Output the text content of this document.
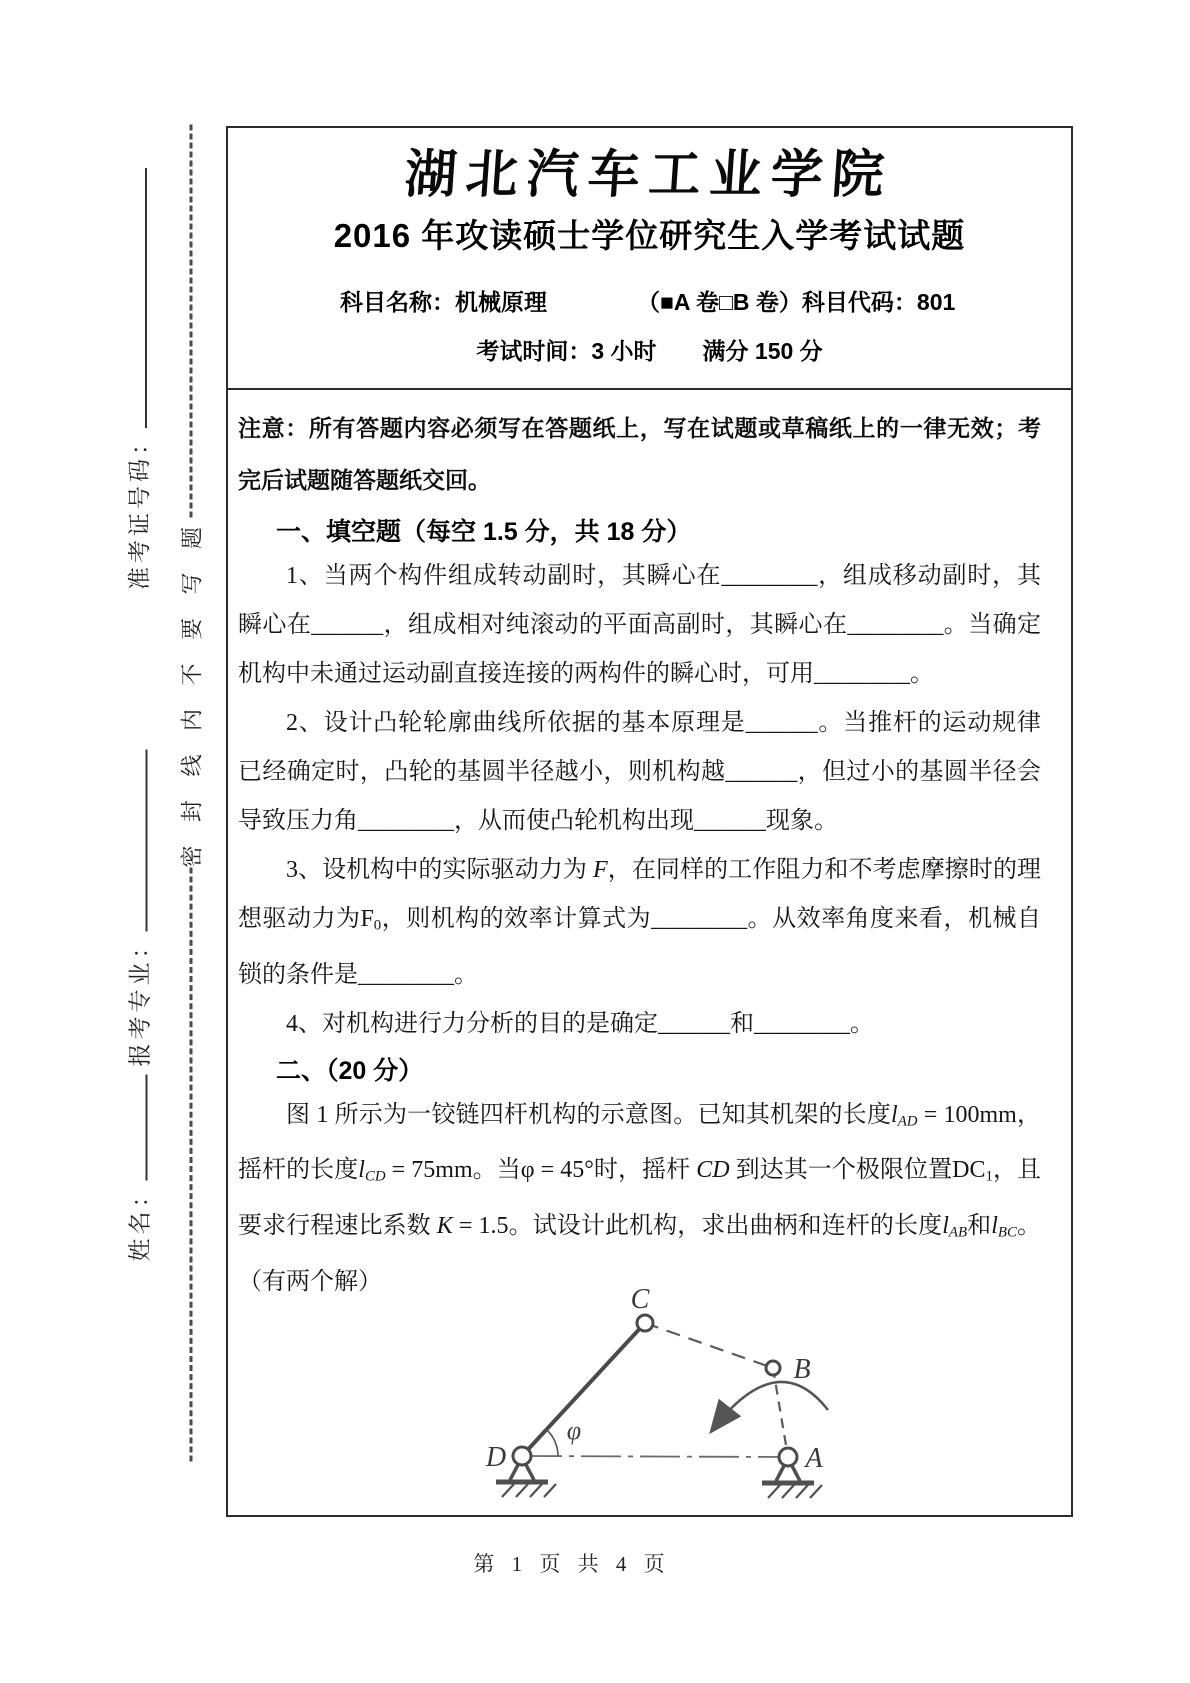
准考证号码：
报考专业：
姓名：
密 封 线 内 不 要 写 题
湖北汽车工业学院
2016 年攻读硕士学位研究生入学考试试题
科目名称：机械原理	（■A 卷□B 卷）科目代码：801
考试时间：3 小时　　满分 150 分

注意：所有答题内容必须写在答题纸上，写在试题或草稿纸上的一律无效；考完后试题随答题纸交回。

一、填空题（每空 1.5 分，共 18 分）

1、当两个构件组成转动副时，其瞬心在________，组成移动副时，其瞬心在______，组成相对纯滚动的平面高副时，其瞬心在________。当确定机构中未通过运动副直接连接的两构件的瞬心时，可用________。

2、设计凸轮轮廓曲线所依据的基本原理是______。当推杆的运动规律已经确定时，凸轮的基圆半径越小，则机构越______，但过小的基圆半径会导致压力角________，从而使凸轮机构出现______现象。

3、设机构中的实际驱动力为 F，在同样的工作阻力和不考虑摩擦时的理想驱动力为F0，则机构的效率计算式为________。从效率角度来看，机械自锁的条件是________。

4、对机构进行力分析的目的是确定______和________。

二、（20 分）

图 1 所示为一铰链四杆机构的示意图。已知其机架的长度lAD = 100mm，摇杆的长度lCD = 75mm。当φ = 45°时，摇杆 CD 到达其一个极限位置DC1，且要求行程速比系数 K = 1.5。试设计此机构，求出曲柄和连杆的长度lAB和lBC。（有两个解）

C
B
D	A
φ
第 1 页 共 4 页
